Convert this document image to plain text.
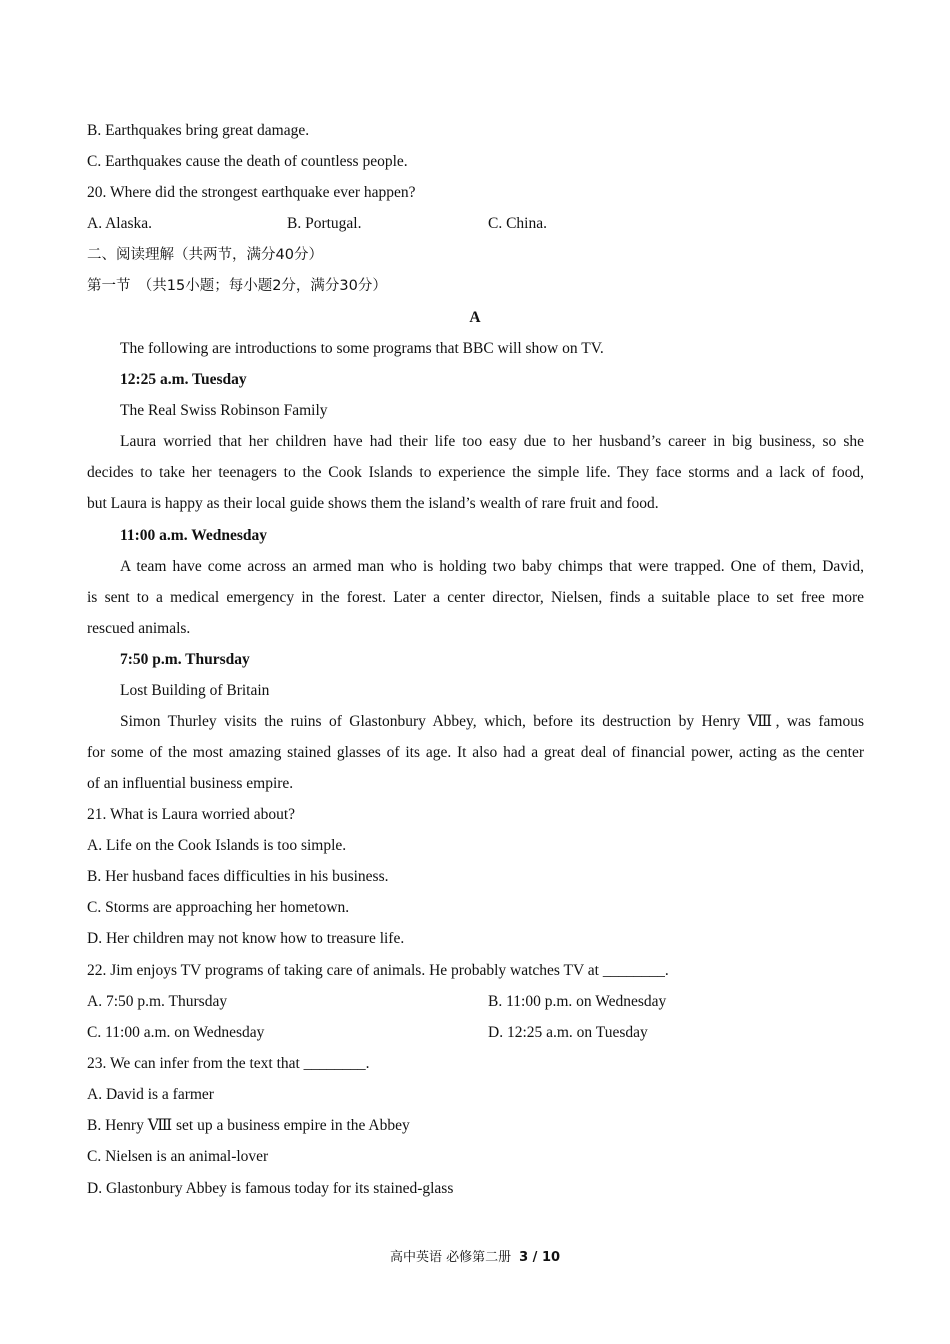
B. Earthquakes bring great damage.
C. Earthquakes cause the death of countless people.
20. Where did the strongest earthquake ever happen?
A. Alaska.	B. Portugal.	C. China.
二、阅读理解（共两节，满分40分）
第一节　（共15小题；每小题2分，满分30分）
A
The following are introductions to some programs that BBC will show on TV.
12:25 a.m. Tuesday
The Real Swiss Robinson Family
Laura worried that her children have had their life too easy due to her husband’s career in big business, so she
decides to take her teenagers to the Cook Islands to experience the simple life. They face storms and a lack of food,
but Laura is happy as their local guide shows them the island’s wealth of rare fruit and food.
11:00 a.m. Wednesday
A team have come across an armed man who is holding two baby chimps that were trapped. One of them, David,
is sent to a medical emergency in the forest. Later a center director, Nielsen, finds a suitable place to set free more
rescued animals.
7:50 p.m. Thursday
Lost Building of Britain
Simon Thurley visits the ruins of Glastonbury Abbey, which, before its destruction by Henry Ⅷ, was famous
for some of the most amazing stained glasses of its age. It also had a great deal of financial power, acting as the center
of an influential business empire.
21. What is Laura worried about?
A. Life on the Cook Islands is too simple.
B. Her husband faces difficulties in his business.
C. Storms are approaching her hometown.
D. Her children may not know how to treasure life.
22. Jim enjoys TV programs of taking care of animals. He probably watches TV at ________.
A. 7:50 p.m. Thursday	B. 11:00 p.m. on Wednesday
C. 11:00 a.m. on Wednesday	D. 12:25 a.m. on Tuesday
23. We can infer from the text that ________.
A. David is a farmer
B. Henry Ⅷ set up a business empire in the Abbey
C. Nielsen is an animal-lover
D. Glastonbury Abbey is famous today for its stained-glass
高中英语 必修第二册 3 / 10
